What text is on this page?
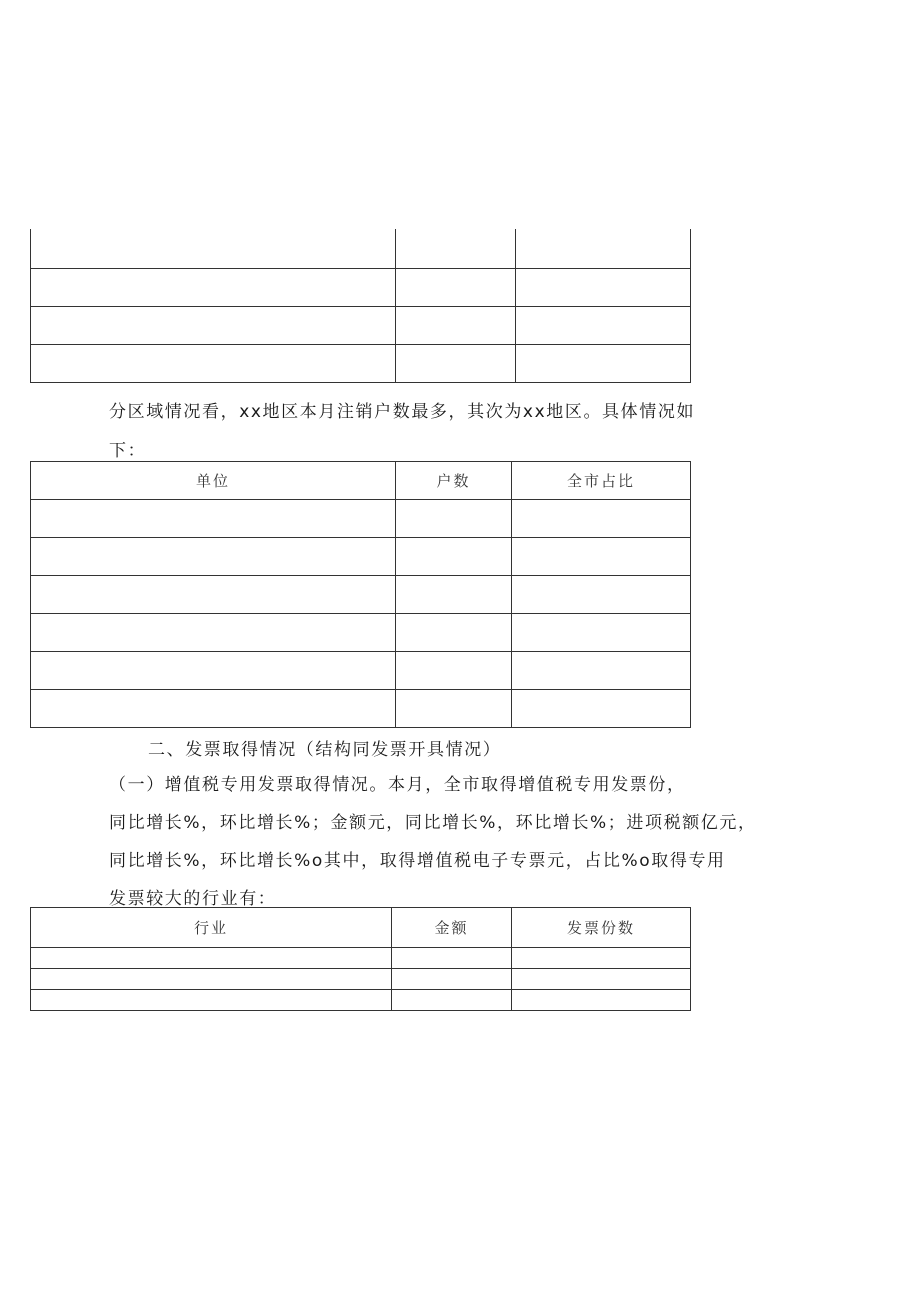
分区域情况看，xx地区本月注销户数最多，其次为xx地区。具体情况如
下：
单位	户数	全市占比

二、发票取得情况（结构同发票开具情况）
（一）增值税专用发票取得情况。本月，全市取得增值税专用发票份，
同比增长%，环比增长%；金额元，同比增长%，环比增长%；进项税额亿元，
同比增长%，环比增长%o其中，取得增值税电子专票元，占比%o取得专用
发票较大的行业有：
行业	金额	发票份数
